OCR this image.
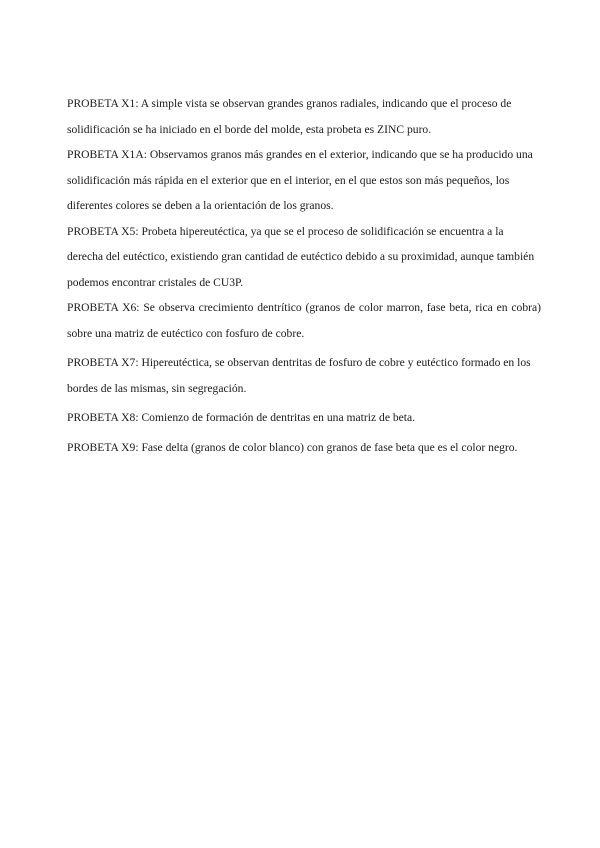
PROBETA X1: A simple vista se observan grandes granos radiales, indicando que el proceso de solidificación se ha iniciado en el borde del molde, esta probeta es ZINC puro.

PROBETA X1A: Observamos granos más grandes en el exterior, indicando que se ha producido una solidificación más rápida en el exterior que en el interior, en el que estos son más pequeños, los diferentes colores se deben a la orientación de los granos.

PROBETA X5: Probeta hipereutéctica, ya que se el proceso de solidificación se encuentra a la derecha del eutéctico, existiendo gran cantidad de eutéctico debido a su proximidad, aunque también podemos encontrar cristales de CU3P.

PROBETA X6: Se observa crecimiento dentrítico (granos de color marron, fase beta, rica en cobra) sobre una matriz de eutéctico con fosfuro de cobre.

PROBETA X7: Hipereutéctica, se observan dentritas de fosfuro de cobre y eutéctico formado en los bordes de las mismas, sin segregación.

PROBETA X8: Comienzo de formación de dentritas en una matriz de beta.

PROBETA X9: Fase delta (granos de color blanco) con granos de fase beta que es el color negro.
